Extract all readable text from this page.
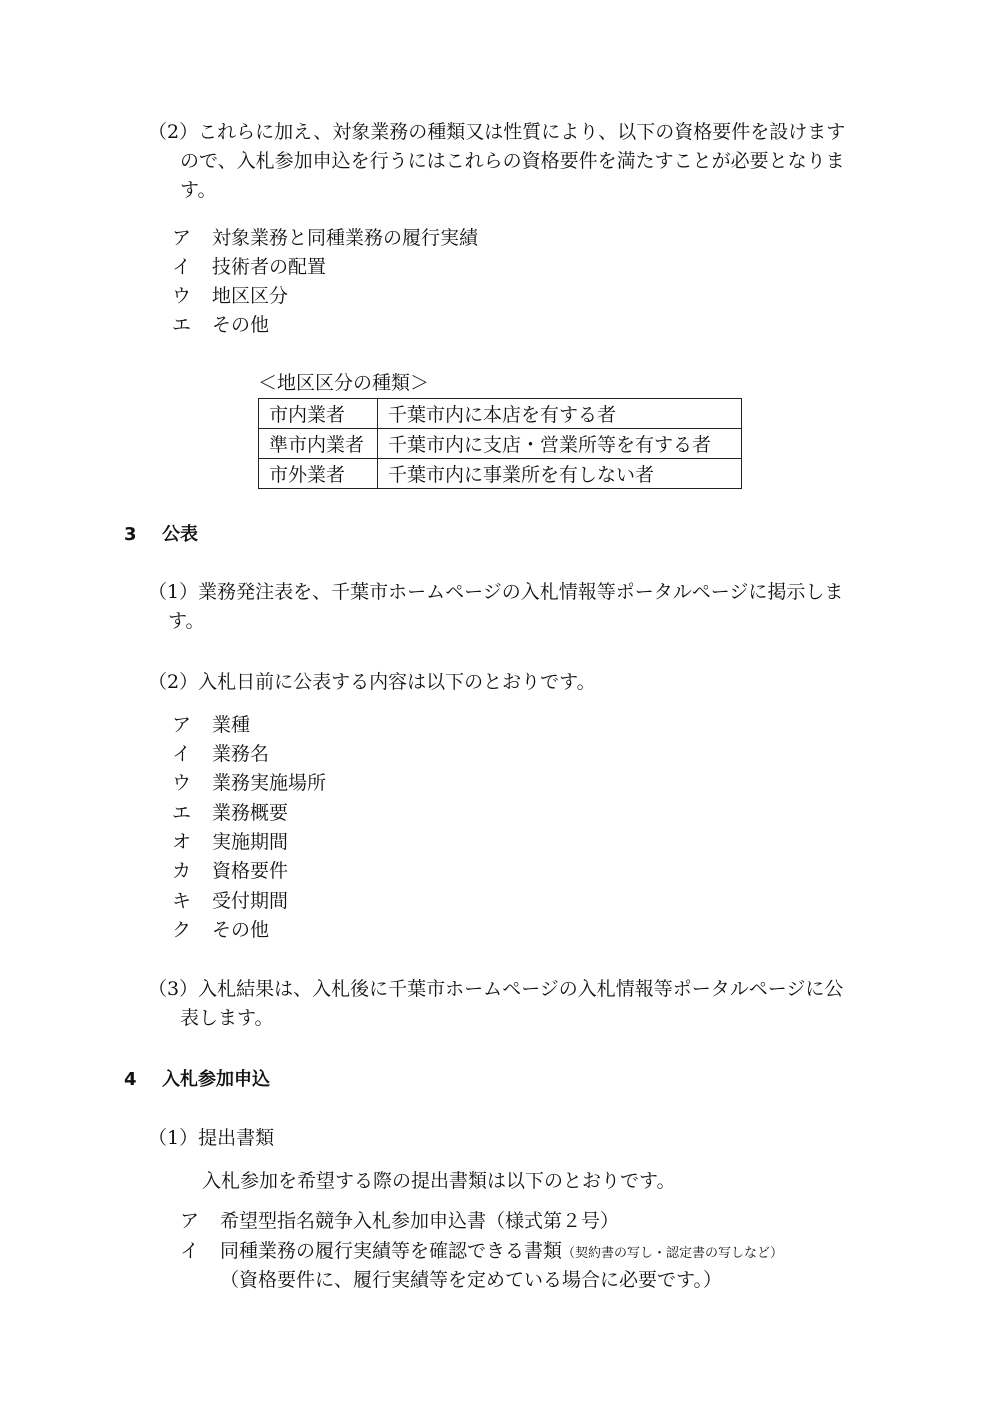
（2）これらに加え、対象業務の種類又は性質により、以下の資格要件を設けます
ので、入札参加申込を行うにはこれらの資格要件を満たすことが必要となりま
す。
ア 対象業務と同種業務の履行実績
イ 技術者の配置
ウ 地区区分
エ その他
＜地区区分の種類＞
市内業者	千葉市内に本店を有する者
準市内業者	千葉市内に支店・営業所等を有する者
市外業者	千葉市内に事業所を有しない者
3 公表
（1）業務発注表を、千葉市ホームページの入札情報等ポータルページに掲示しま
す。
（2）入札日前に公表する内容は以下のとおりです。
ア 業種
イ 業務名
ウ 業務実施場所
エ 業務概要
オ 実施期間
カ 資格要件
キ 受付期間
ク その他
（3）入札結果は、入札後に千葉市ホームページの入札情報等ポータルページに公
表します。
4 入札参加申込
（1）提出書類
入札参加を希望する際の提出書類は以下のとおりです。
ア 希望型指名競争入札参加申込書（様式第２号）
イ 同種業務の履行実績等を確認できる書類（契約書の写し・認定書の写しなど）
（資格要件に、履行実績等を定めている場合に必要です。）
